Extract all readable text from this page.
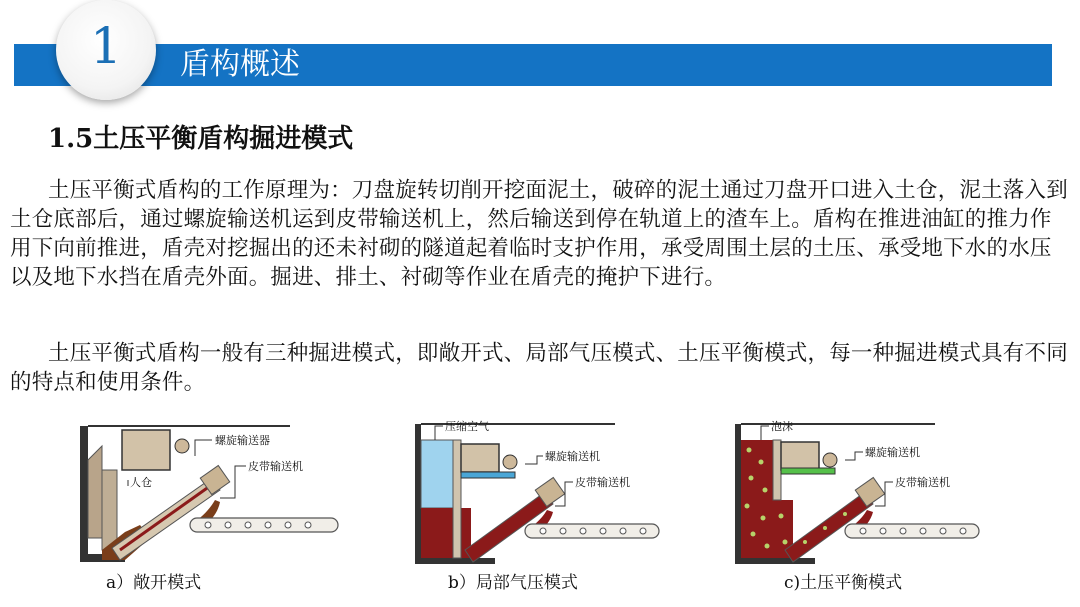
1	盾构概述
1.5土压平衡盾构掘进模式

土压平衡式盾构的工作原理为：刀盘旋转切削开挖面泥土，破碎的泥土通过刀盘开口进入土仓，泥土落入到土仓底部后，通过螺旋输送机运到皮带输送机上，然后输送到停在轨道上的渣车上。盾构在推进油缸的推力作用下向前推进，盾壳对挖掘出的还未衬砌的隧道起着临时支护作用，承受周围土层的土压、承受地下水的水压以及地下水挡在盾壳外面。掘进、排土、衬砌等作业在盾壳的掩护下进行。

土压平衡式盾构一般有三种掘进模式，即敞开式、局部气压模式、土压平衡模式，每一种掘进模式具有不同的特点和使用条件。

螺旋输送器
人仓
皮带输送机
a）敞开模式
压缩空气
螺旋输送机
皮带输送机
b）局部气压模式
泡沫
螺旋输送机
皮带输送机
c)土压平衡模式
